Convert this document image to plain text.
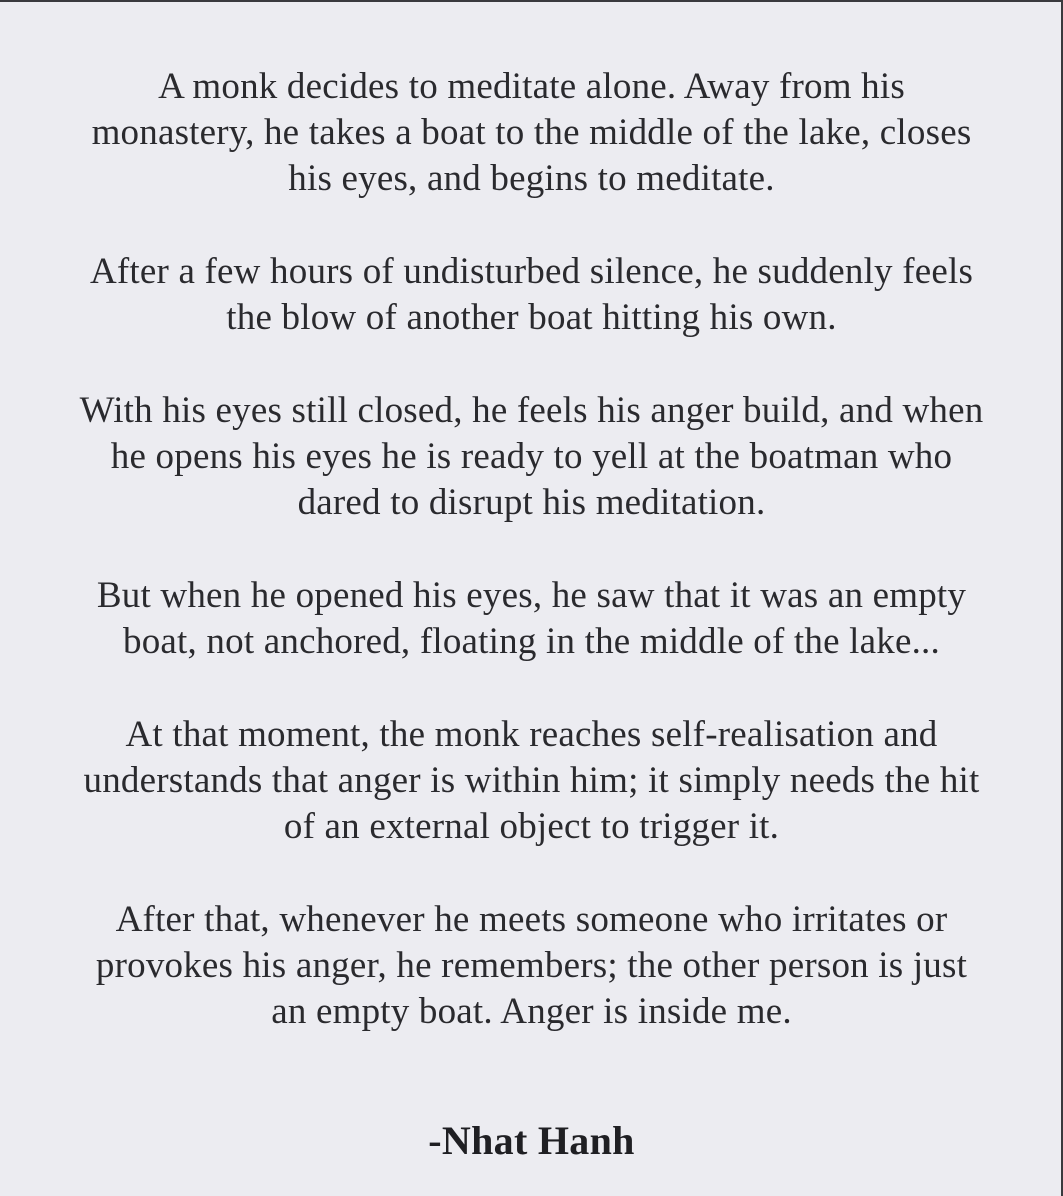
A monk decides to meditate alone. Away from his
monastery, he takes a boat to the middle of the lake, closes
his eyes, and begins to meditate.

After a few hours of undisturbed silence, he suddenly feels
the blow of another boat hitting his own.

With his eyes still closed, he feels his anger build, and when
he opens his eyes he is ready to yell at the boatman who
dared to disrupt his meditation.

But when he opened his eyes, he saw that it was an empty
boat, not anchored, floating in the middle of the lake...

At that moment, the monk reaches self-realisation and
understands that anger is within him; it simply needs the hit
of an external object to trigger it.

After that, whenever he meets someone who irritates or
provokes his anger, he remembers; the other person is just
an empty boat. Anger is inside me.

-Nhat Hanh
